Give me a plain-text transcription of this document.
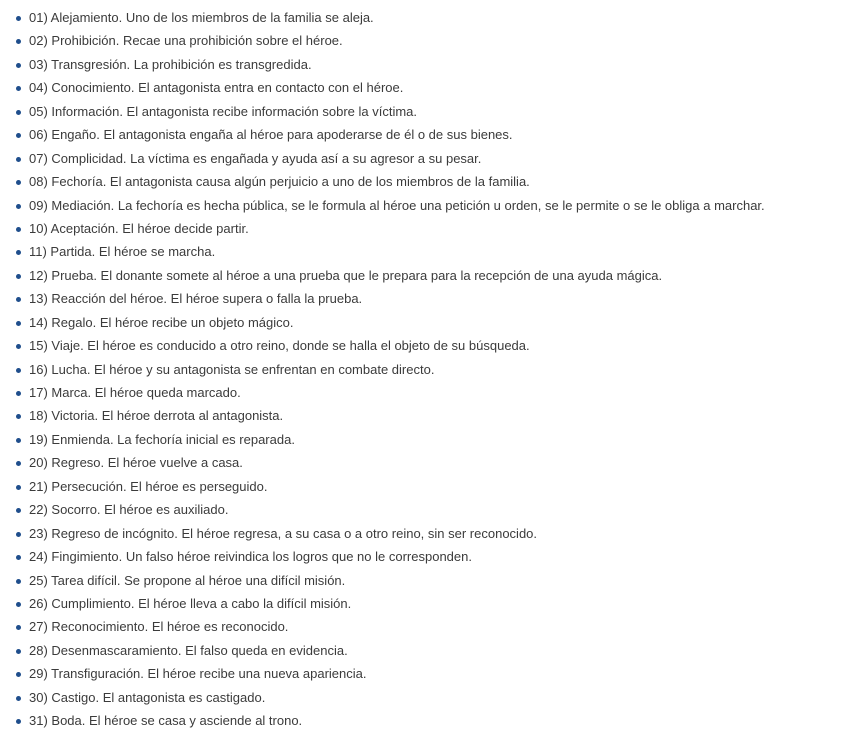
01) Alejamiento. Uno de los miembros de la familia se aleja.
02) Prohibición. Recae una prohibición sobre el héroe.
03) Transgresión. La prohibición es transgredida.
04) Conocimiento. El antagonista entra en contacto con el héroe.
05) Información. El antagonista recibe información sobre la víctima.
06) Engaño. El antagonista engaña al héroe para apoderarse de él o de sus bienes.
07) Complicidad. La víctima es engañada y ayuda así a su agresor a su pesar.
08) Fechoría. El antagonista causa algún perjuicio a uno de los miembros de la familia.
09) Mediación. La fechoría es hecha pública, se le formula al héroe una petición u orden, se le permite o se le obliga a marchar.
10) Aceptación. El héroe decide partir.
11) Partida. El héroe se marcha.
12) Prueba. El donante somete al héroe a una prueba que le prepara para la recepción de una ayuda mágica.
13) Reacción del héroe. El héroe supera o falla la prueba.
14) Regalo. El héroe recibe un objeto mágico.
15) Viaje. El héroe es conducido a otro reino, donde se halla el objeto de su búsqueda.
16) Lucha. El héroe y su antagonista se enfrentan en combate directo.
17) Marca. El héroe queda marcado.
18) Victoria. El héroe derrota al antagonista.
19) Enmienda. La fechoría inicial es reparada.
20) Regreso. El héroe vuelve a casa.
21) Persecución. El héroe es perseguido.
22) Socorro. El héroe es auxiliado.
23) Regreso de incógnito. El héroe regresa, a su casa o a otro reino, sin ser reconocido.
24) Fingimiento. Un falso héroe reivindica los logros que no le corresponden.
25) Tarea difícil. Se propone al héroe una difícil misión.
26) Cumplimiento. El héroe lleva a cabo la difícil misión.
27) Reconocimiento. El héroe es reconocido.
28) Desenmascaramiento. El falso queda en evidencia.
29) Transfiguración. El héroe recibe una nueva apariencia.
30) Castigo. El antagonista es castigado.
31) Boda. El héroe se casa y asciende al trono.
